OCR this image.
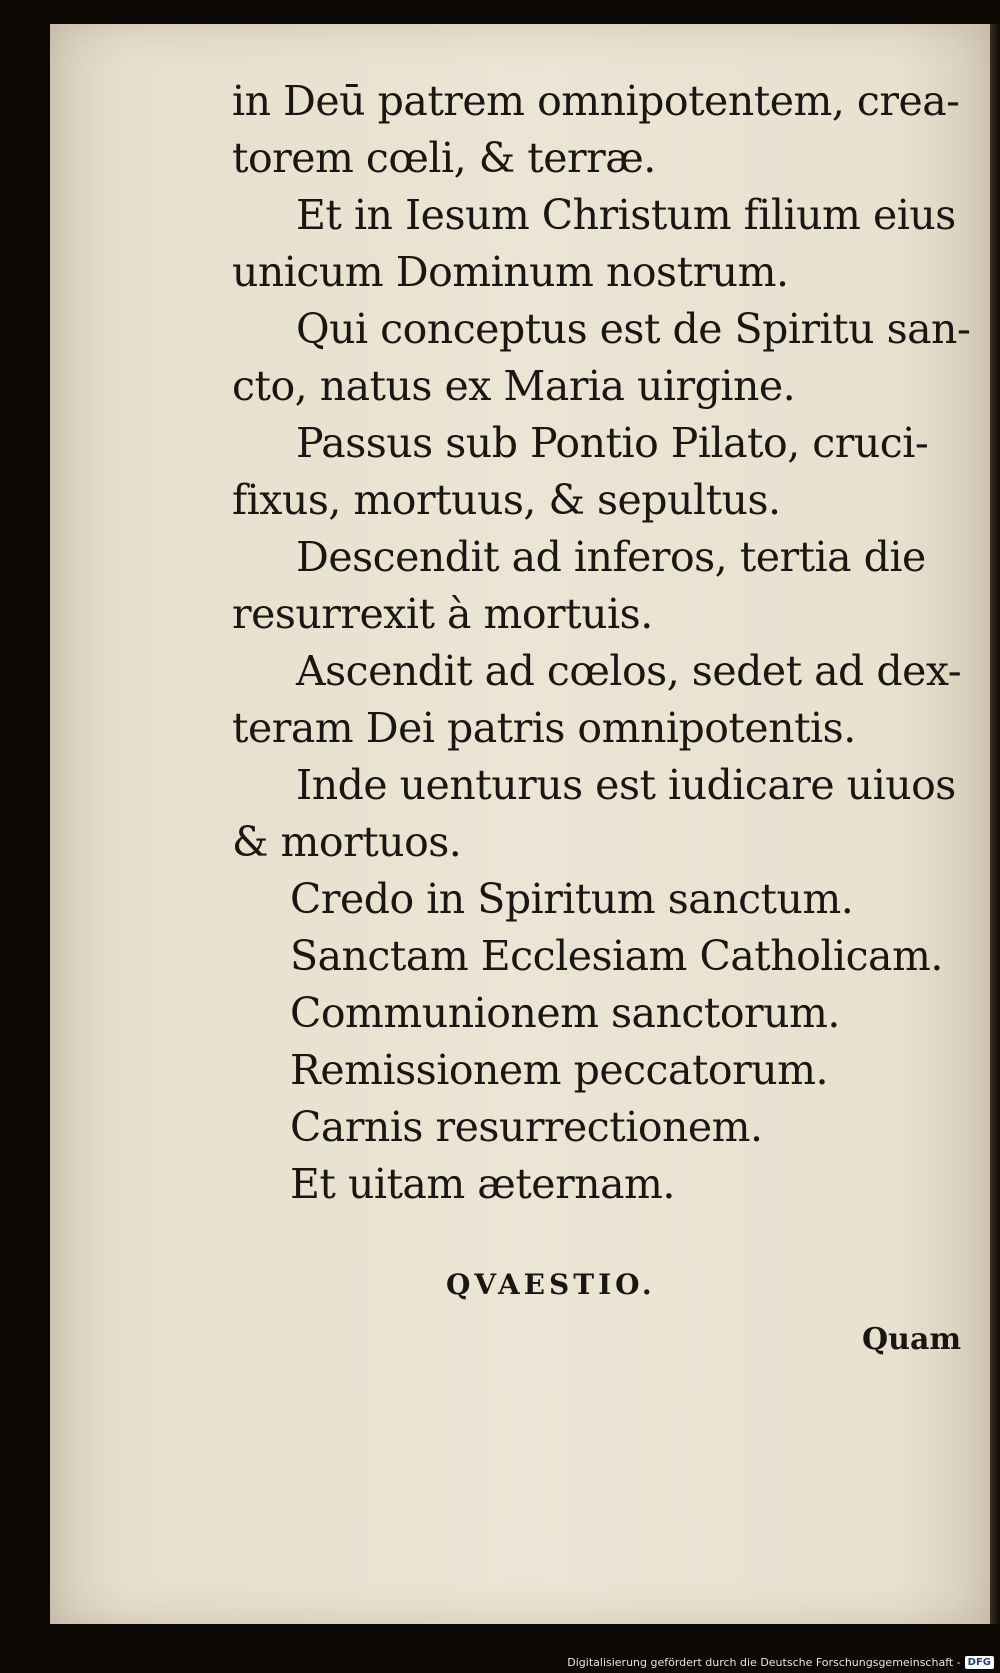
in Deū patrem omnipotentem, crea-
torem cœli, & terræ.
Et in Iesum Christum filium eius
unicum Dominum nostrum.
Qui conceptus est de Spiritu san-
cto, natus ex Maria uirgine.
Passus sub Pontio Pilato, cruci-
fixus, mortuus, & sepultus.
Descendit ad inferos, tertia die
resurrexit à mortuis.
Ascendit ad cœlos, sedet ad dex-
teram Dei patris omnipotentis.
Inde uenturus est iudicare uiuos
& mortuos.
Credo in Spiritum sanctum.
Sanctam Ecclesiam Catholicam.
Communionem sanctorum.
Remissionem peccatorum.
Carnis resurrectionem.
Et uitam æternam.
QVAESTIO.
Quam
Digitalisierung gefördert durch die Deutsche Forschungsgemeinschaft - DFG
